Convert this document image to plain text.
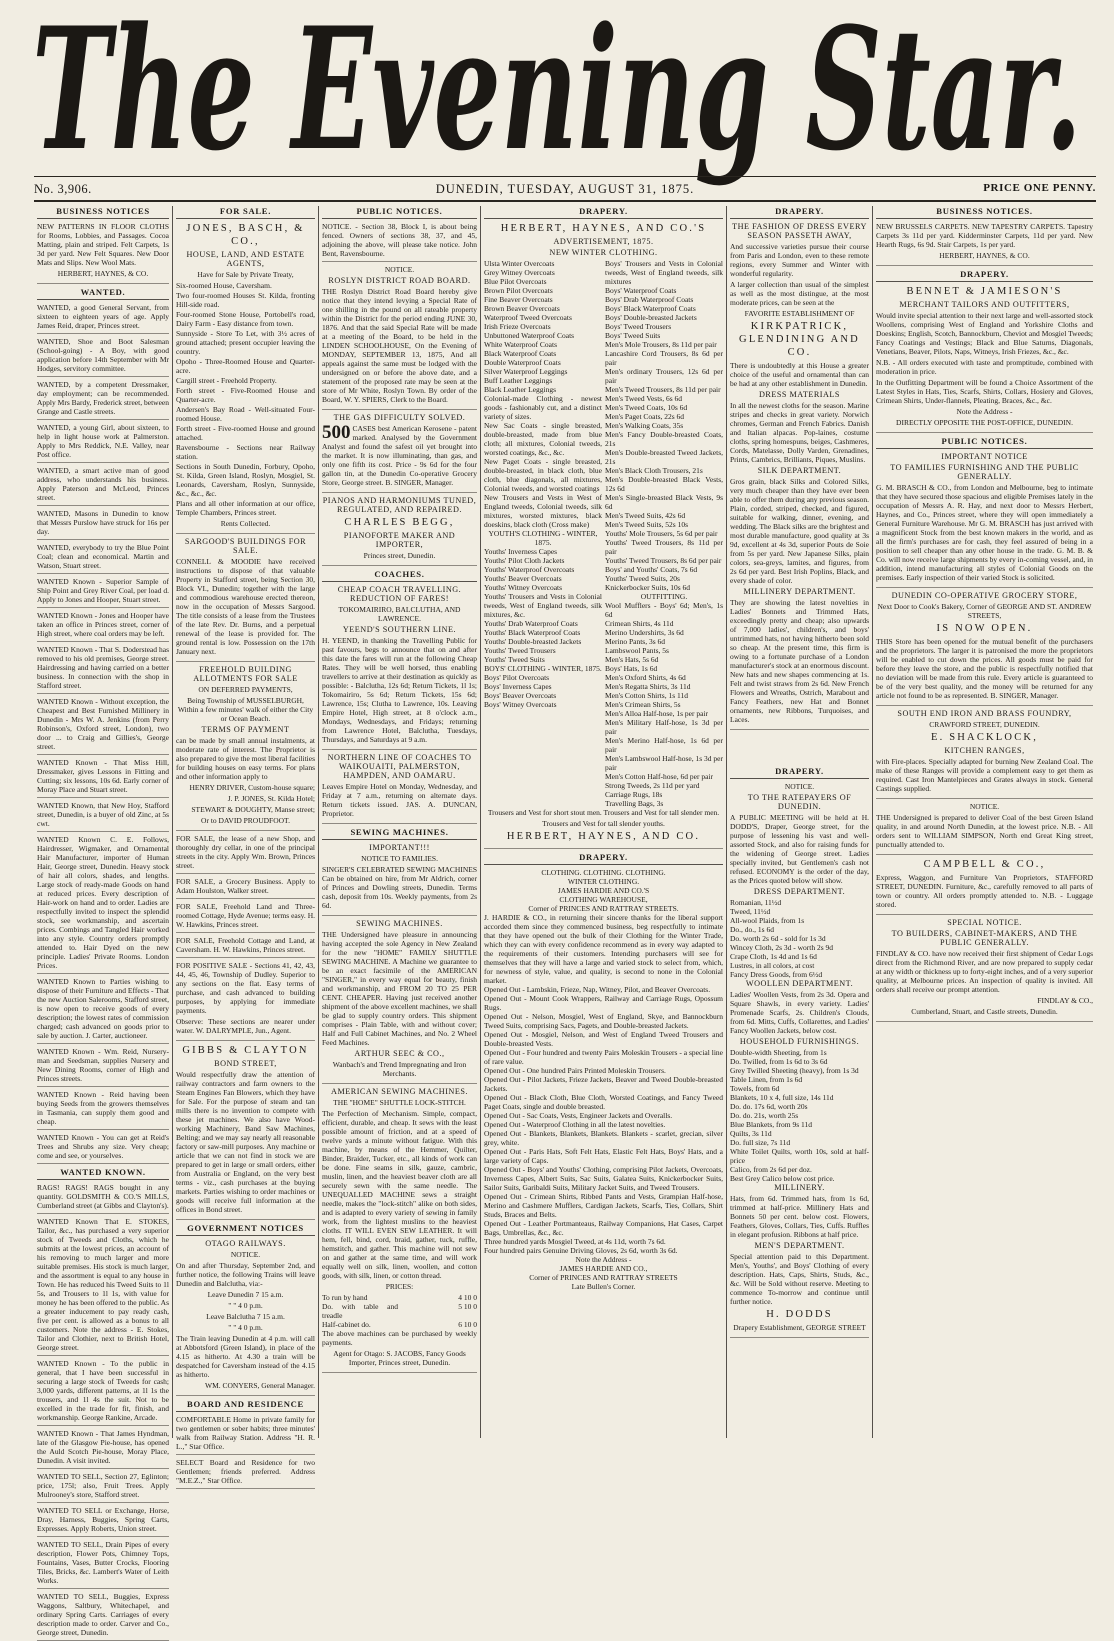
The Evening Star.
No. 3,906.	DUNEDIN, TUESDAY, AUGUST 31, 1875.	PRICE ONE PENNY.
BUSINESS NOTICES

NEW PATTERNS IN FLOOR CLOTHS for Rooms, Lobbies, and Passages. Cocoa Matting, plain and striped. Felt Carpets, 1s 3d per yard. New Felt Squares. New Door Mats and Slips. New Wool Mats.

HERBERT, HAYNES, & CO.

WANTED.
WANTED, a good General Servant, from sixteen to eighteen years of age. Apply James Reid, draper, Princes street.
WANTED, Shoe and Boot Salesman (School-going) - A Boy, with good application before 14th September with Mr Hodges, servitory committee.
WANTED, by a competent Dressmaker, day employment; can be recommended. Apply Mrs Bardy, Frederick street, between Grange and Castle streets.
WANTED, a young Girl, about sixteen, to help in light house work at Palmerston. Apply to Mrs Reddick, N.E. Valley, near Post office.
WANTED, a smart active man of good address, who understands his business. Apply Paterson and McLeod, Princes street.
WANTED, Masons in Dunedin to know that Messrs Purslow have struck for 16s per day.
WANTED, everybody to try the Blue Point Coal; clean and economical. Martin and Watson, Stuart street.
WANTED Known - Superior Sample of Ship Point and Grey River Coal, per load d. Apply to Jones and Hooper, Stuart street.
WANTED Known - Jones and Hooper have taken an office in Princes street, corner of High street, where coal orders may be left.
WANTED Known - That S. Doderstead has removed to his old premises, George street. Hairdressing and having carried on a better business. In connection with the shop in Stafford street.
WANTED Known - Without exception, the Cheapest and Best Furnished Millinery in Dunedin - Mrs W. A. Jenkins (from Perry Robinson's, Oxford street, London), two door ... to Craig and Gillies's, George street.
WANTED Known - That Miss Hill, Dressmaker, gives Lessons in Fitting and Cutting; six lessons, 10s 6d. Early corner of Moray Place and Stuart street.
WANTED Known, that New Hoy, Stafford street, Dunedin, is a buyer of old Zinc, at 5s cwt.
WANTED Known C. E. Follows, Hairdresser, Wigmaker, and Ornamental Hair Manufacturer, importer of Human Hair, George street, Dunedin. Heavy stock of hair all colors, shades, and lengths. Large stock of ready-made Goods on hand at reduced prices. Every description of Hair-work on hand and to order. Ladies are respectfully invited to inspect the splendid stock, see workmanship, and ascertain prices. Combings and Tangled Hair worked into any style. Country orders promptly attended to. Hair Dyed on the new principle. Ladies' Private Rooms. London Prices.
WANTED Known to Parties wishing to dispose of their Furniture and Effects - That the new Auction Salerooms, Stafford street, is now open to receive goods of every description; the lowest rates of commission charged; cash advanced on goods prior to sale by auction. J. Carter, auctioneer.
WANTED Known - Wm. Reid, Nursery-man and Seedsman, supplies Nursery and New Dining Rooms, corner of High and Princes streets.
WANTED Known - Reid having been buying Seeds from the growers themselves in Tasmania, can supply them good and cheap.
WANTED Known - You can get at Reid's Trees and Shrubs any size. Very cheap; come and see, or yourselves.
WANTED KNOWN.
RAGS! RAGS! RAGS bought in any quantity. GOLDSMITH & CO.'S MILLS, Cumberland street (at Gibbs and Clayton's).
WANTED Known That E. STOKES, Tailor, &c., has purchased a very superior stock of Tweeds and Cloths, which he submits at the lowest prices, an account of his removing to much larger and more suitable premises. His stock is much larger, and the assortment is equal to any house in Town. He has reduced his Tweed Suits to 1l 5s, and Trousers to 1l 1s, with value for money he has been offered to the public. As a greater inducement to pay ready cash, five per cent. is allowed as a bonus to all customers. Note the address - E. Stokes, Tailor and Clothier, next to British Hotel, George street.
WANTED Known - To the public in general, that I have been successful in securing a large stock of Tweeds for cash; 3,000 yards, different patterns, at 1l 1s the trousers, and 1l 4s the suit. Not to be excelled in the trade for fit, finish, and workmanship. George Rankine, Arcade.
WANTED Known - That James Hyndman, late of the Glasgow Pie-house, has opened the Auld Scotch Pie-house, Moray Place, Dunedin. A visit invited.
WANTED TO SELL, Section 27, Eglinton; price, 175l; also, Fruit Trees. Apply Mulrooney's store, Stafford street.
WANTED TO SELL or Exchange, Horse, Dray, Harness, Buggies, Spring Carts, Expresses. Apply Roberts, Union street.
WANTED TO SELL, Drain Pipes of every description, Flower Pots, Chimney Tops, Fountains, Vases, Butter Crocks, Flooring Tiles, Bricks, &c. Lambert's Water of Leith Works.
WANTED TO SELL, Buggies, Express Waggons, Saltbury, Whitechapel, and ordinary Spring Carts. Carriages of every description made to order. Carver and Co., George street, Dunedin.
FOR SALE.

JONES, BASCH, & CO.,

HOUSE, LAND, AND ESTATE AGENTS,

Have for Sale by Private Treaty,

Six-roomed House, Caversham.

Two four-roomed Houses St. Kilda, fronting Hill-side road.

Four-roomed Stone House, Portobell's road, Dairy Farm - Easy distance from town.

Sunnyside - Store To Let, with 3½ acres of ground attached; present occupier leaving the country.

Opoho - Three-Roomed House and Quarter-acre.

Cargill street - Freehold Property.

Forth street - Five-Roomed House and Quarter-acre.

Andersen's Bay Road - Well-situated Four-roomed House.

Forth street - Five-roomed House and ground attached.

Ravensbourne - Sections near Railway station.

Sections in South Dunedin, Forbury, Opoho, St. Kilda, Green Island, Roslyn, Mosgiel, St. Leonards, Caversham, Roslyn, Sunnyside, &c., &c., &c.

Plans and all other information at our office, Temple Chambers, Princes street.

Rents Collected.

SARGOOD'S BUILDINGS FOR SALE.

CONNELL & MOODIE have received instructions to dispose of that valuable Property in Stafford street, being Section 30, Block VI., Dunedin; together with the large and commodious warehouse erected thereon, now in the occupation of Messrs Sargood. The title consists of a lease from the Trustees of the late Rev. Dr. Burns, and a perpetual renewal of the lease is provided for. The ground rental is low. Possession on the 17th January next.

FREEHOLD BUILDING ALLOTMENTS FOR SALE

ON DEFERRED PAYMENTS,

Being Township of MUSSELBURGH, Within a few minutes' walk of either the City or Ocean Beach.

TERMS OF PAYMENT

can be made by small annual instalments, at moderate rate of interest. The Proprietor is also prepared to give the most liberal facilities for building houses on easy terms. For plans and other information apply to

HENRY DRIVER, Custom-house square;

J. P. JONES, St. Kilda Hotel;

STEWART & DOUGHTY, Manse street;

Or to DAVID PROUDFOOT.

FOR SALE, the lease of a new Shop, and thoroughly dry cellar, in one of the principal streets in the city. Apply Wm. Brown, Princes street.
FOR SALE, a Grocery Business. Apply to Adam Houlston, Walker street.
FOR SALE, Freehold Land and Three-roomed Cottage, Hyde Avenue; terms easy. H. W. Hawkins, Princes street.
FOR SALE, Freehold Cottage and Land, at Caversham. H. W. Hawkins, Princes street.

FOR POSITIVE SALE - Sections 41, 42, 43, 44, 45, 46, Township of Dudley. Superior to any sections on the flat. Easy terms of purchase, and cash advanced to building purposes, by applying for immediate payments.

Observe: These sections are nearer under water. W. DALRYMPLE, Jun., Agent.

GIBBS & CLAYTON

BOND STREET,

Would respectfully draw the attention of railway contractors and farm owners to the Steam Engines Fan Blowers, which they have for Sale. For the purpose of steam and tan mills there is no invention to compete with these jet machines. We also have Wood-working Machinery, Band Saw Machines, Belting; and we may say nearly all reasonable factory or saw-mill purposes. Any machine or article that we can not find in stock we are prepared to get in large or small orders, either from Australia or England, on the very best terms - viz., cash purchases at the buying markets. Parties wishing to order machines or goods will receive full information at the offices in Bond street.

GOVERNMENT NOTICES

OTAGO RAILWAYS.

NOTICE.

On and after Thursday, September 2nd, and further notice, the following Trains will leave Dunedin and Balclutha, via:-

Leave Dunedin 7 15 a.m.

" " 4 0 p.m.

Leave Balclutha 7 15 a.m.

" " 4 0 p.m.

The Train leaving Dunedin at 4 p.m. will call at Abbotsford (Green Island), in place of the 4.15 as hitherto. At 4.30 a train will be despatched for Caversham instead of the 4.15 as hitherto.

WM. CONYERS, General Manager.

BOARD AND RESIDENCE
COMFORTABLE Home in private family for two gentlemen or sober habits; three minutes' walk from Railway Station. Address "H. R. L.," Star Office.
SELECT Board and Residence for two Gentlemen; friends preferred. Address "M.E.Z.," Star Office.
PUBLIC NOTICES.
NOTICE. - Section 38, Block I, is about being fenced. Owners of sections 38, 37, and 45, adjoining the above, will please take notice. John Bent, Ravensbourne.

NOTICE.

ROSLYN DISTRICT ROAD BOARD.

THE Roslyn District Road Board hereby give notice that they intend levying a Special Rate of one shilling in the pound on all rateable property within the District for the period ending JUNE 30, 1876. And that the said Special Rate will be made at a meeting of the Board, to be held in the LINDEN SCHOOLHOUSE, On the Evening of MONDAY, SEPTEMBER 13, 1875, And all appeals against the same must be lodged with the undersigned on or before the above date, and a statement of the proposed rate may be seen at the store of Mr White, Roslyn Town. By order of the Board, W. Y. SPIERS, Clerk to the Board.

THE GAS DIFFICULTY SOLVED.

500 CASES best American Kerosene - patent marked. Analysed by the Government Analyst and found the safest oil yet brought into the market. It is now illuminating, than gas, and only one fifth its cost. Price - 9s 6d for the four gallon tin, at the Dunedin Co-operative Grocery Store, George street. B. SINGER, Manager.

PIANOS AND HARMONIUMS TUNED, REGULATED, AND REPAIRED.

CHARLES BEGG,

PIANOFORTE MAKER AND IMPORTER,

Princes street, Dunedin.

COACHES.

CHEAP COACH TRAVELLING. REDUCTION OF FARES!

TOKOMAIRIRO, BALCLUTHA, AND LAWRENCE.

YEEND'S SOUTHERN LINE.

H. YEEND, in thanking the Travelling Public for past favours, begs to announce that on and after this date the fares will run at the following Cheap Rates. They will be well horsed, thus enabling travellers to arrive at their destination as quickly as possible: - Balclutha, 12s 6d; Return Tickets, 1l 1s; Tokomairiro, 5s 6d; Return Tickets, 15s 6d; Lawrence, 15s; Clutha to Lawrence, 10s. Leaving Empire Hotel, High street, at 8 o'clock a.m., Mondays, Wednesdays, and Fridays; returning from Lawrence Hotel, Balclutha, Tuesdays, Thursdays, and Saturdays at 9 a.m.

NORTHERN LINE OF COACHES TO WAIKOUAITI, PALMERSTON, HAMPDEN, AND OAMARU.

Leaves Empire Hotel on Monday, Wednesday, and Friday at 7 a.m., returning on alternate days. Return tickets issued. JAS. A. DUNCAN, Proprietor.

SEWING MACHINES.

IMPORTANT!!!

NOTICE TO FAMILIES.

SINGER'S CELEBRATED SEWING MACHINES Can be obtained on hire, from Mr Aldrich, corner of Princes and Dowling streets, Dunedin. Terms cash, deposit from 10s. Weekly payments, from 2s 6d.

SEWING MACHINES.

THE Undersigned have pleasure in announcing having accepted the sole Agency in New Zealand for the new "HOME" FAMILY SHUTTLE SEWING MACHINE. A Machine we guarantee to be an exact facsimile of the AMERICAN "SINGER," in every way equal for beauty, finish and workmanship, and FROM 20 TO 25 PER CENT. CHEAPER. Having just received another shipment of the above excellent machines, we shall be glad to supply country orders. This shipment comprises - Plain Table, with and without cover; Half and Full Cabinet Machines, and No. 2 Wheel Feed Machines.

ARTHUR SEEC & CO.,

Wanbach's and Trend Impregnating and Iron Merchants.

AMERICAN SEWING MACHINES.

THE "HOME" SHUTTLE LOCK-STITCH.

The Perfection of Mechanism. Simple, compact, efficient, durable, and cheap. It sews with the least possible amount of friction, and at a speed of twelve yards a minute without fatigue. With this machine, by means of the Hemmer, Quilter, Binder, Braider, Tucker, etc., all kinds of work can be done. Fine seams in silk, gauze, cambric, muslin, linen, and the heaviest beaver cloth are all securely sewn with the same needle. The UNEQUALLED MACHINE sews a straight needle, makes the "lock-stitch" alike on both sides, and is adapted to every variety of sewing in family work, from the lightest muslins to the heaviest cloths. IT WILL EVEN SEW LEATHER. It will hem, fell, bind, cord, braid, gather, tuck, ruffle, hemstitch, and gather. This machine will not sew on and gather at the same time, and will work equally well on silk, linen, woollen, and cotton goods, with silk, linen, or cotton thread.

PRICES:

To run by hand	4 10 0
Do. with table and treadle
5 10 0
Half-cabinet do.	6 10 0

The above machines can be purchased by weekly payments.

Agent for Otago: S. JACOBS, Fancy Goods Importer, Princes street, Dunedin.

DRAPERY.

HERBERT, HAYNES, AND CO.'S

ADVERTISEMENT, 1875.

NEW WINTER CLOTHING.

Ulsta Winter Overcoats

Grey Witney Overcoats

Blue Pilot Overcoats

Brown Pilot Overcoats

Fine Beaver Overcoats

Brown Beaver Overcoats

Waterproof Tweed Overcoats

Irish Frieze Overcoats

Unbuttoned Waterproof Coats

White Waterproof Coats

Black Waterproof Coats

Double Waterproof Coats

Silver Waterproof Leggings

Buff Leather Leggings

Black Leather Leggings

Colonial-made Clothing - newest goods - fashionably cut, and a distinct variety of sizes.

New Sac Coats - single breasted, double-breasted, made from blue cloth; all mixtures, Colonial tweeds, worsted coatings, &c., &c.

New Paget Coats - single breasted, double-breasted, in black cloth, blue cloth, blue diagonals, all mixtures, Colonial tweeds, and worsted coatings

New Trousers and Vests in West of England tweeds, Colonial tweeds, silk mixtures, worsted mixtures, black doeskins, black cloth (Cross make)

YOUTH'S CLOTHING - WINTER, 1875.

Youths' Inverness Capes

Youths' Pilot Cloth Jackets

Youths' Waterproof Overcoats

Youths' Beaver Overcoats

Youths' Witney Overcoats

Youths' Trousers and Vests in Colonial tweeds, West of England tweeds, silk mixtures, &c.

Youths' Drab Waterproof Coats

Youths' Black Waterproof Coats

Youths' Double-breasted Jackets

Youths' Tweed Trousers

Youths' Tweed Suits

BOYS' CLOTHING - WINTER, 1875.

Boys' Pilot Overcoats

Boys' Inverness Capes

Boys' Beaver Overcoats

Boys' Witney Overcoats

Boys' Trousers and Vests in Colonial tweeds, West of England tweeds, silk mixtures

Boys' Waterproof Coats

Boys' Drab Waterproof Coats

Boys' Black Waterproof Coats

Boys' Double-breasted Jackets

Boys' Tweed Trousers

Boys' Tweed Suits

Men's Mole Trousers, 8s 11d per pair

Lancashire Cord Trousers, 8s 6d per pair

Men's ordinary Trousers, 12s 6d per pair

Men's Tweed Trousers, 8s 11d per pair

Men's Tweed Vests, 6s 6d

Men's Tweed Coats, 10s 6d

Men's Paget Coats, 22s 6d

Men's Walking Coats, 35s

Men's Fancy Double-breasted Coats, 21s

Men's Double-breasted Tweed Jackets, 21s

Men's Black Cloth Trousers, 21s

Men's Double-breasted Black Vests, 12s 6d

Men's Single-breasted Black Vests, 9s 6d

Men's Tweed Suits, 42s 6d

Men's Tweed Suits, 52s 10s

Youths' Mole Trousers, 5s 6d per pair

Youths' Tweed Trousers, 8s 11d per pair

Youths' Tweed Trousers, 8s 6d per pair

Boys' and Youths' Coats, 7s 6d

Youths' Tweed Suits, 20s

Knickerbocker Suits, 10s 6d

OUTFITTING.

Wool Mufflers - Boys' 6d; Men's, 1s 6d

Crimean Shirts, 4s 11d

Merino Undershirts, 3s 6d

Merino Pants, 3s 6d

Lambswool Pants, 5s

Men's Hats, 5s 6d

Boys' Hats, 1s 6d

Men's Oxford Shirts, 4s 6d

Men's Regatta Shirts, 3s 11d

Men's Cotton Shirts, 1s 11d

Men's Crimean Shirts, 5s

Men's Alloa Half-hose, 1s per pair

Men's Military Half-hose, 1s 3d per pair

Men's Merino Half-hose, 1s 6d per pair

Men's Lambswool Half-hose, 1s 3d per pair

Men's Cotton Half-hose, 6d per pair

Strong Tweeds, 2s 11d per yard

Carriage Rugs, 18s

Travelling Bags, 3s

Trousers and Vest for short stout men. Trousers and Vest for tall slender men.

Trousers and Vest for tall slender youths.

HERBERT, HAYNES, AND CO.

DRAPERY.

CLOTHING. CLOTHING. CLOTHING.

WINTER CLOTHING.

JAMES HARDIE AND CO.'S

CLOTHING WAREHOUSE,

Corner of PRINCES AND RATTRAY STREETS.

J. HARDIE & CO., in returning their sincere thanks for the liberal support accorded them since they commenced business, beg respectfully to intimate that they have opened out the bulk of their Clothing for the Winter Trade, which they can with every confidence recommend as in every way adapted to the requirements of their customers. Intending purchasers will see for themselves that they will have a large and varied stock to select from, which, for newness of style, value, and quality, is second to none in the Colonial market.

Opened Out - Lambskin, Frieze, Nap, Witney, Pilot, and Beaver Overcoats.

Opened Out - Mount Cook Wrappers, Railway and Carriage Rugs, Opossum Rugs.

Opened Out - Nelson, Mosgiel, West of England, Skye, and Bannockburn Tweed Suits, comprising Sacs, Pagets, and Double-breasted Jackets.

Opened Out - Mosgiel, Nelson, and West of England Tweed Trousers and Double-breasted Vests.

Opened Out - Four hundred and twenty Pairs Moleskin Trousers - a special line of rare value.

Opened Out - One hundred Pairs Printed Moleskin Trousers.

Opened Out - Pilot Jackets, Frieze Jackets, Beaver and Tweed Double-breasted Jackets.

Opened Out - Black Cloth, Blue Cloth, Worsted Coatings, and Fancy Tweed Paget Coats, single and double breasted.

Opened Out - Sac Coats, Vests, Engineer Jackets and Overalls.

Opened Out - Waterproof Clothing in all the latest novelties.

Opened Out - Blankets, Blankets, Blankets. Blankets - scarlet, grecian, silver grey, white.

Opened Out - Paris Hats, Soft Felt Hats, Elastic Felt Hats, Boys' Hats, and a large variety of Caps.

Opened Out - Boys' and Youths' Clothing, comprising Pilot Jackets, Overcoats, Inverness Capes, Albert Suits, Sac Suits, Galatea Suits, Knickerbocker Suits, Sailor Suits, Garibaldi Suits, Military Jacket Suits, and Tweed Trousers.

Opened Out - Crimean Shirts, Ribbed Pants and Vests, Grampian Half-hose, Merino and Cashmere Mufflers, Cardigan Jackets, Scarfs, Ties, Collars, Shirt Studs, Braces and Belts.

Opened Out - Leather Portmanteaus, Railway Companions, Hat Cases, Carpet Bags, Umbrellas, &c., &c.

Three hundred yards Mosgiel Tweed, at 4s 11d, worth 7s 6d.

Four hundred pairs Genuine Driving Gloves, 2s 6d, worth 3s 6d.

Note the Address -

JAMES HARDIE AND CO.,

Corner of PRINCES AND RATTRAY STREETS

Late Bullen's Corner.

DRAPERY.

NOTICE.

TO THE RATEPAYERS OF DUNEDIN.

A PUBLIC MEETING will be held at H. DODD'S, Draper, George street, for the purpose of lessening his vast and well-assorted Stock, and also for raising funds for the widening of George street. Ladies specially invited, but Gentlemen's cash not refused. ECONOMY is the order of the day, as the Prices quoted below will show.

DRESS DEPARTMENT.

Romanian, 11½d

Tweed, 11½d

All-wool Plaids, from 1s

Do., do., 1s 6d

Do. worth 2s 6d - sold for 1s 3d

Wincey Cloth, 2s 3d - worth 2s 9d

Crape Cloth, 1s 4d and 1s 6d

Lustres, in all colors, at cost

Fancy Dress Goods, from 6½d

WOOLLEN DEPARTMENT.

Ladies' Woollen Vests, from 2s 3d. Opera and Square Shawls, in every variety. Ladies' Promenade Scarfs, 2s. Children's Clouds, from 6d. Mitts, Cuffs, Collarettes, and Ladies' Fancy Woollen Jackets, below cost.

HOUSEHOLD FURNISHINGS.

Double-width Sheeting, from 1s

Do. Twilled, from 1s 6d to 3s 6d

Grey Twilled Sheeting (heavy), from 1s 3d

Table Linen, from 1s 6d

Towels, from 6d

Blankets, 10 x 4, full size, 14s 11d

Do. do. 17s 6d, worth 20s

Do. do. 21s, worth 25s

Blue Blankets, from 9s 11d

Quilts, 3s 11d

Do. full size, 7s 11d

White Toilet Quilts, worth 10s, sold at half-price

Calico, from 2s 6d per doz.

Best Grey Calico below cost price.

MILLINERY.

Hats, from 6d. Trimmed hats, from 1s 6d, trimmed at half-price. Millinery Hats and Bonnets 50 per cent. below cost. Flowers, Feathers, Gloves, Collars, Ties, Cuffs. Ruffles in elegant profusion. Ribbons at half price.

MEN'S DEPARTMENT.

Special attention paid to this Department. Men's, Youths', and Boys' Clothing of every description. Hats, Caps, Shirts, Studs, &c., &c. Will be Sold without reserve. Meeting to commence To-morrow and continue until further notice.

H. DODDS

Drapery Establishment, GEORGE STREET

DRAPERY.

THE FASHION OF DRESS EVERY SEASON PASSETH AWAY,

And successive varieties pursue their course from Paris and London, even to these remote regions, every Summer and Winter with wonderful regularity.

A larger collection than usual of the simplest as well as the most distingue, at the most moderate prices, can be seen at the

FAVORITE ESTABLISHMENT OF

KIRKPATRICK, GLENDINING AND CO.

There is undoubtedly at this House a greater choice of the useful and ornamental than can be had at any other establishment in Dunedin.

DRESS MATERIALS

In all the newest cloths for the season. Marine stripes and checks in great variety. Norwich chromes, German and French Fabrics. Danish and Italian alpacas. Pop-laines, costume cloths, spring homespuns, beiges, Cashmeres, Cords, Matelasse, Dolly Varden, Grenadines, Prints, Cambrics, Brilliants, Piques, Muslins.

SILK DEPARTMENT.

Gros grain, black Silks and Colored Silks, very much cheaper than they have ever been able to offer them during any previous season. Plain, corded, striped, checked, and figured, suitable for walking, dinner, evening, and wedding. The Black silks are the brightest and most durable manufacture, good quality at 3s 9d, excellent at 4s 3d, superior Pouts de Soie from 5s per yard. New Japanese Silks, plain colors, sea-greys, lamites, and figures, from 2s 6d per yard. Best Irish Poplins, Black, and every shade of color.

MILLINERY DEPARTMENT.

They are showing the latest novelties in Ladies' Bonnets and Trimmed Hats, exceedingly pretty and cheap; also upwards of 7,000 ladies', children's, and boys' untrimmed hats, not having hitherto been sold so cheap. At the present time, this firm is owing to a fortunate purchase of a London manufacturer's stock at an enormous discount. New hats and new shapes commencing at 1s. Felt and twist straws from 2s 6d. New French Flowers and Wreaths, Ostrich, Marabout and Fancy Feathers, new Hat and Bonnet ornaments, new Ribbons, Turquoises, and Laces.

BUSINESS NOTICES.

NEW BRUSSELS CARPETS. NEW TAPESTRY CARPETS. Tapestry Carpets 3s 11d per yard. Kidderminster Carpets, 11d per yard. New Hearth Rugs, 6s 9d. Stair Carpets, 1s per yard.

HERBERT, HAYNES, & CO.

DRAPERY.

BENNET & JAMIESON'S

MERCHANT TAILORS AND OUTFITTERS,

Would invite special attention to their next large and well-assorted stock Woollens, comprising West of England and Yorkshire Cloths and Doeskins; English, Scotch, Bannockburn, Cheviot and Mosgiel Tweeds; Fancy Coatings and Vestings; Black and Blue Saturns, Diagonals, Venetians, Beaver, Pilots, Naps, Witneys, Irish Friezes, &c., &c.

N.B. - All orders executed with taste and promptitude, combined with moderation in price.

In the Outfitting Department will be found a Choice Assortment of the Latest Styles in Hats, Ties, Scarfs, Shirts, Collars, Hosiery and Gloves, Crimean Shirts, Under-flannels, Pleating, Braces, &c., &c.

Note the Address -

DIRECTLY OPPOSITE THE POST-OFFICE, DUNEDIN.

PUBLIC NOTICES.

IMPORTANT NOTICE

TO FAMILIES FURNISHING AND THE PUBLIC GENERALLY.

G. M. BRASCH & CO., from London and Melbourne, beg to intimate that they have secured those spacious and eligible Premises lately in the occupation of Messrs A. R. Hay, and next door to Messrs Herbert, Haynes, and Co., Princes street, where they will open immediately a General Furniture Warehouse. Mr G. M. BRASCH has just arrived with a magnificent Stock from the best known makers in the world, and as all the firm's purchases are for cash, they feel assured of being in a position to sell cheaper than any other house in the trade. G. M. B. & Co. will now receive large shipments by every in-coming vessel, and, in addition, intend manufacturing all styles of Colonial Goods on the premises. Early inspection of their varied Stock is solicited.

DUNEDIN CO-OPERATIVE GROCERY STORE,

Next Door to Cook's Bakery, Corner of GEORGE AND ST. ANDREW STREETS,

IS NOW OPEN.

THIS Store has been opened for the mutual benefit of the purchasers and the proprietors. The larger it is patronised the more the proprietors will be enabled to cut down the prices. All goods must be paid for before they leave the store, and the public is respectfully notified that no deviation will be made from this rule. Every article is guaranteed to be of the very best quality, and the money will be returned for any article not found to be as represented. B. SINGER, Manager.

SOUTH END IRON AND BRASS FOUNDRY,

CRAWFORD STREET, DUNEDIN.

E. SHACKLOCK,

KITCHEN RANGES,

with Fire-places. Specially adapted for burning New Zealand Coal. The make of these Ranges will provide a complement easy to get them as required. Cast Iron Mantelpieces and Grates always in stock. General Castings supplied.

NOTICE.

THE Undersigned is prepared to deliver Coal of the best Green Island quality, in and around North Dunedin, at the lowest price. N.B. - All orders sent to WILLIAM SIMPSON, North end Great King street, punctually attended to.

CAMPBELL & CO.,

Express, Waggon, and Furniture Van Proprietors, STAFFORD STREET, DUNEDIN. Furniture, &c., carefully removed to all parts of town or country. All orders promptly attended to. N.B. - Luggage stored.

SPECIAL NOTICE.

TO BUILDERS, CABINET-MAKERS, AND THE PUBLIC GENERALLY.

FINDLAY & CO. have now received their first shipment of Cedar Logs direct from the Richmond River, and are now prepared to supply cedar at any width or thickness up to forty-eight inches, and of a very superior quality, at Melbourne prices. An inspection of quality is invited. All orders shall receive our prompt attention.

FINDLAY & CO.,

Cumberland, Stuart, and Castle streets, Dunedin.
